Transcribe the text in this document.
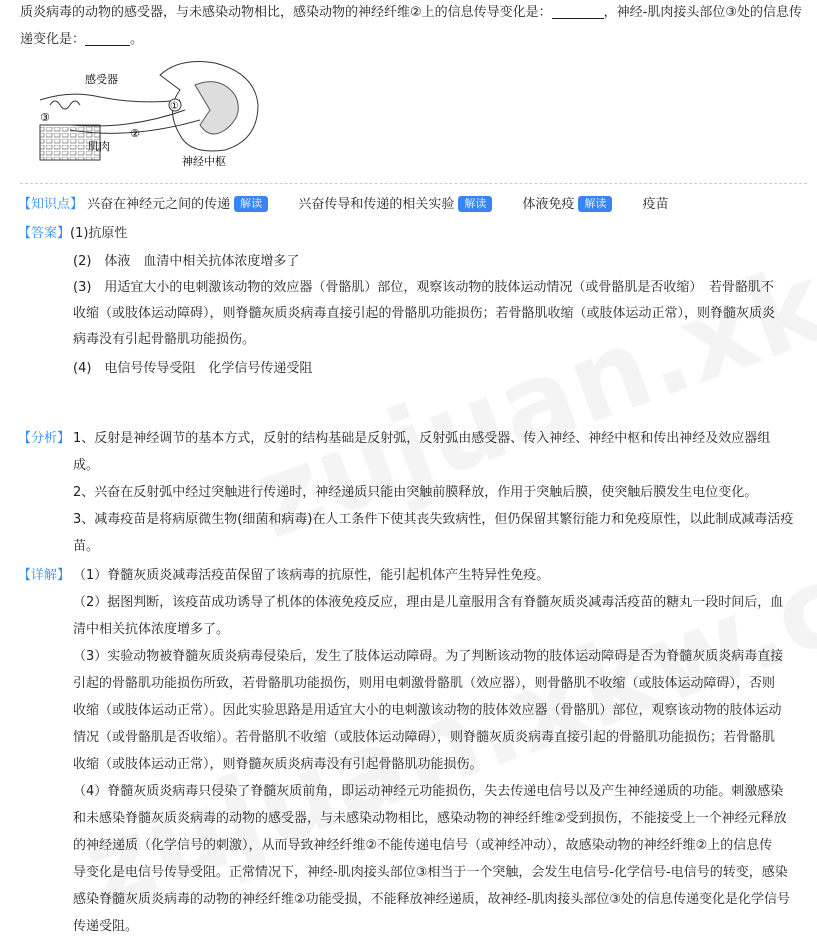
质炎病毒的动物的感受器，与未感染动物相比，感染动物的神经纤维②上的信息传导变化是：	，神经-肌肉接头部位③处的信息传
递变化是：	。
①
②
③
感受器
肌肉
神经中枢
【知识点】 兴奋在神经元之间的传递 解读	兴奋传导和传递的相关实验 解读	体液免疫 解读	疫苗
【答案】(1)抗原性
(2)　体液　血清中相关抗体浓度增多了
(3)　用适宜大小的电刺激该动物的效应器（骨骼肌）部位，观察该动物的肢体运动情况（或骨骼肌是否收缩）　若骨骼肌不
收缩（或肢体运动障碍），则脊髓灰质炎病毒直接引起的骨骼肌功能损伤；若骨骼肌收缩（或肢体运动正常），则脊髓灰质炎
病毒没有引起骨骼肌功能损伤。
(4)　电信号传导受阻　化学信号传递受阻
【分析】 1、反射是神经调节的基本方式，反射的结构基础是反射弧，反射弧由感受器、传入神经、神经中枢和传出神经及效应器组
成。
2、兴奋在反射弧中经过突触进行传递时，神经递质只能由突触前膜释放，作用于突触后膜，使突触后膜发生电位变化。
3、减毒疫苗是将病原微生物(细菌和病毒)在人工条件下使其丧失致病性，但仍保留其繁衍能力和免疫原性，以此制成减毒活疫
苗。
【详解】 （1）脊髓灰质炎减毒活疫苗保留了该病毒的抗原性，能引起机体产生特异性免疫。
（2）据图判断，该疫苗成功诱导了机体的体液免疫反应，理由是儿童服用含有脊髓灰质炎减毒活疫苗的糖丸一段时间后，血
清中相关抗体浓度增多了。
（3）实验动物被脊髓灰质炎病毒侵染后，发生了肢体运动障碍。为了判断该动物的肢体运动障碍是否为脊髓灰质炎病毒直接
引起的骨骼肌功能损伤所致，若骨骼肌功能损伤，则用电刺激骨骼肌（效应器），则骨骼肌不收缩（或肢体运动障碍），否则
收缩（或肢体运动正常）。因此实验思路是用适宜大小的电刺激该动物的肢体效应器（骨骼肌）部位，观察该动物的肢体运动
情况（或骨骼肌是否收缩）。若骨骼肌不收缩（或肢体运动障碍），则脊髓灰质炎病毒直接引起的骨骼肌功能损伤；若骨骼肌
收缩（或肢体运动正常），则脊髓灰质炎病毒没有引起骨骼肌功能损伤。
（4）脊髓灰质炎病毒只侵染了脊髓灰质前角，即运动神经元功能损伤，失去传递电信号以及产生神经递质的功能。刺激感染
和未感染脊髓灰质炎病毒的动物的感受器，与未感染动物相比，感染动物的神经纤维②受到损伤，不能接受上一个神经元释放
的神经递质（化学信号的刺激），从而导致神经纤维②不能传递电信号（或神经冲动），故感染动物的神经纤维②上的信息传
导变化是电信号传导受阻。正常情况下，神经-肌肉接头部位③相当于一个突触，会发生电信号-化学信号-电信号的转变，感染
感染脊髓灰质炎病毒的动物的神经纤维②功能受损，不能释放神经递质，故神经-肌肉接头部位③处的信息传递变化是化学信号
传递受阻。
